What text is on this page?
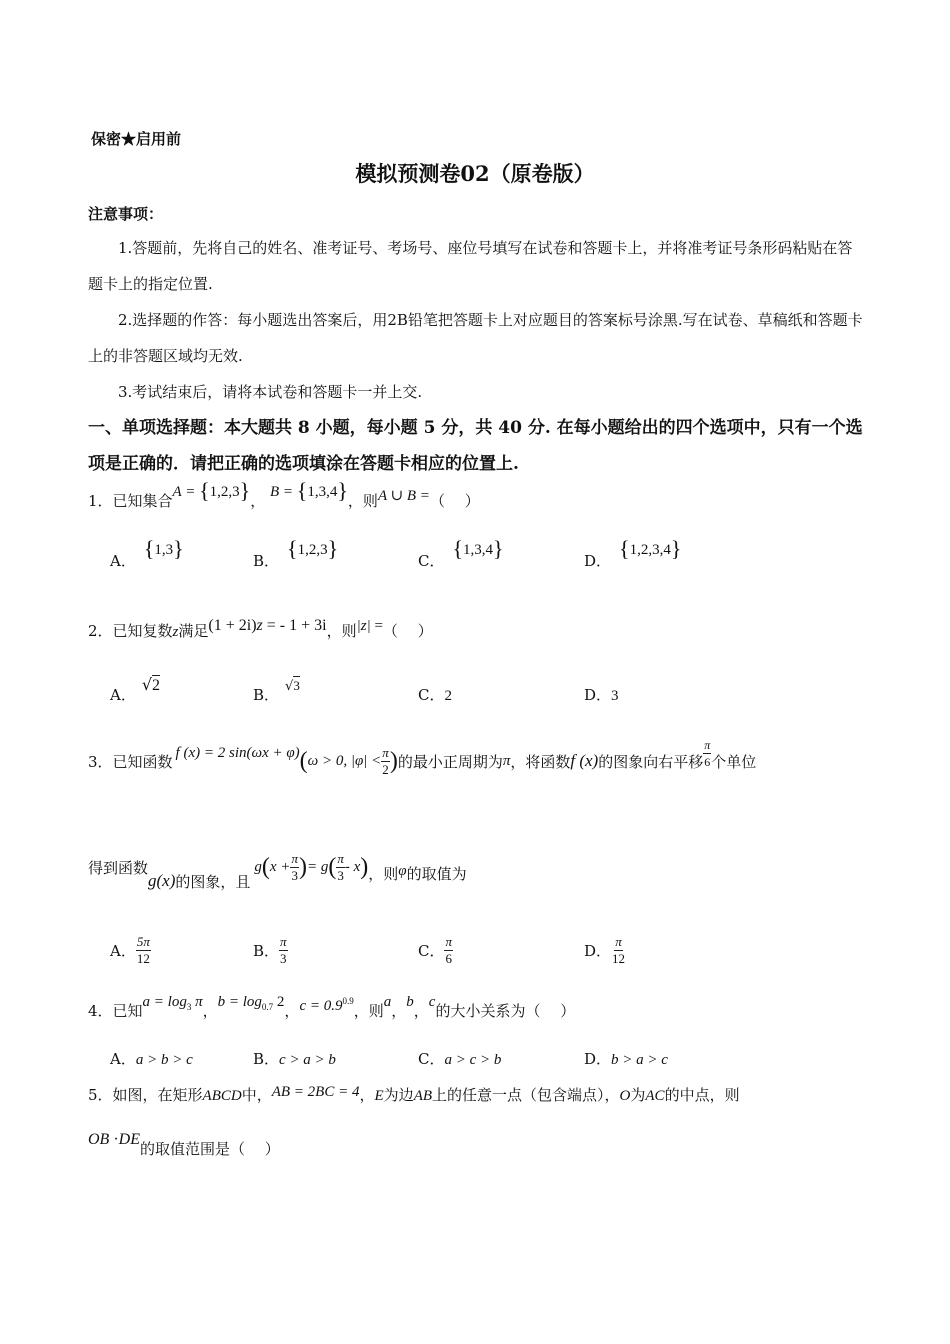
保密★启用前
模拟预测卷02（原卷版）
注意事项：
1.答题前，先将自己的姓名、准考证号、考场号、座位号填写在试卷和答题卡上，并将准考证号条形码粘贴在答题卡上的指定位置.
2.选择题的作答：每小题选出答案后，用2B铅笔把答题卡上对应题目的答案标号涂黑.写在试卷、草稿纸和答题卡上的非答题区域均无效.
3.考试结束后，请将本试卷和答题卡一并上交.
一、单项选择题：本大题共 8 小题，每小题 5 分，共 40 分. 在每小题给出的四个选项中，只有一个选项是正确的．请把正确的选项填涂在答题卡相应的位置上.
1．已知集合A = {1,2,3}， B = {1,3,4}，则A ∪ B =（　 ）
A． {1,3}	B． {1,2,3}	C． {1,3,4}	D． {1,2,3,4}
2．已知复数z满足(1 + 2i)z = - 1 + 3i，则|z| =（　 ）
A．√2
B． √3
C．2	D．3
3．已知函数 f (x) = 2 sin(ωx + φ) ( ω > 0, $|\varphi| < \frac{\pi}{2}$ ) 的最小正周期为 π ，将函数 f (x) 的图象向右平移 $\frac{\pi}{6}$ 个单位
得到函数
g(x) 的图象，且
g ( $x + \frac{\pi}{3}$ ) = g ( $\frac{\pi}{3}$ - x ) ，则 φ 的取值为
A． $\frac{5\pi}{12}$	B． $\frac{\pi}{3}$	C． $\frac{\pi}{6}$	D． $\frac{\pi}{12}$
4．已知$a = \log_3 \pi$，$b = \log_{0.7} 2$，$c = 0.9^{0.9}$，则a，b，c的大小关系为（　 ）
A．a > b > c	B．c > a > b	C．a > c > b	D．b > a > c
5．如图，在矩形ABCD中，AB = 2BC = 4，E为边AB上的任意一点（包含端点），O为AC的中点，则
OB ·DE的取值范围是（　 ）
